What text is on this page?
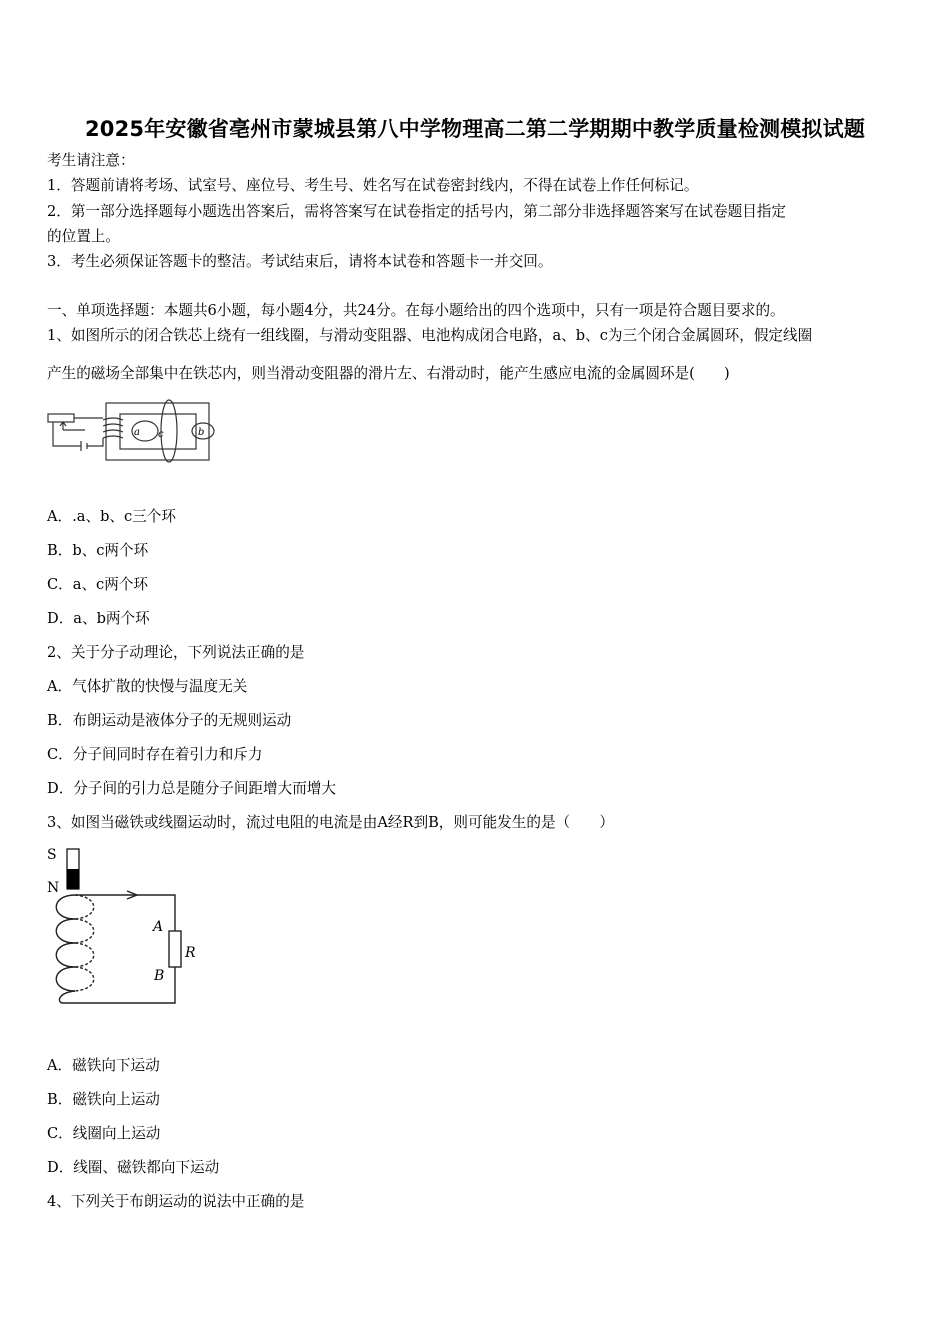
2025年安徽省亳州市蒙城县第八中学物理高二第二学期期中教学质量检测模拟试题
考生请注意：
1．答题前请将考场、试室号、座位号、考生号、姓名写在试卷密封线内，不得在试卷上作任何标记。
2．第一部分选择题每小题选出答案后，需将答案写在试卷指定的括号内，第二部分非选择题答案写在试卷题目指定
的位置上。
3．考生必须保证答题卡的整洁。考试结束后，请将本试卷和答题卡一并交回。
一、单项选择题：本题共6小题，每小题4分，共24分。在每小题给出的四个选项中，只有一项是符合题目要求的。
1、如图所示的闭合铁芯上绕有一组线圈，与滑动变阻器、电池构成闭合电路，a、b、c为三个闭合金属圆环，假定线圈
产生的磁场全部集中在铁芯内，则当滑动变阻器的滑片左、右滑动时，能产生感应电流的金属圆环是(　　)
a c	b
A．.a、b、c三个环
B．b、c两个环
C．a、c两个环
D．a、b两个环
2、关于分子动理论，下列说法正确的是
A．气体扩散的快慢与温度无关
B．布朗运动是液体分子的无规则运动
C．分子间同时存在着引力和斥力
D．分子间的引力总是随分子间距增大而增大
3、如图当磁铁或线圈运动时，流过电阻的电流是由A经R到B，则可能发生的是（　　）
S
N
A
R
B
A．磁铁向下运动
B．磁铁向上运动
C．线圈向上运动
D．线圈、磁铁都向下运动
4、下列关于布朗运动的说法中正确的是
